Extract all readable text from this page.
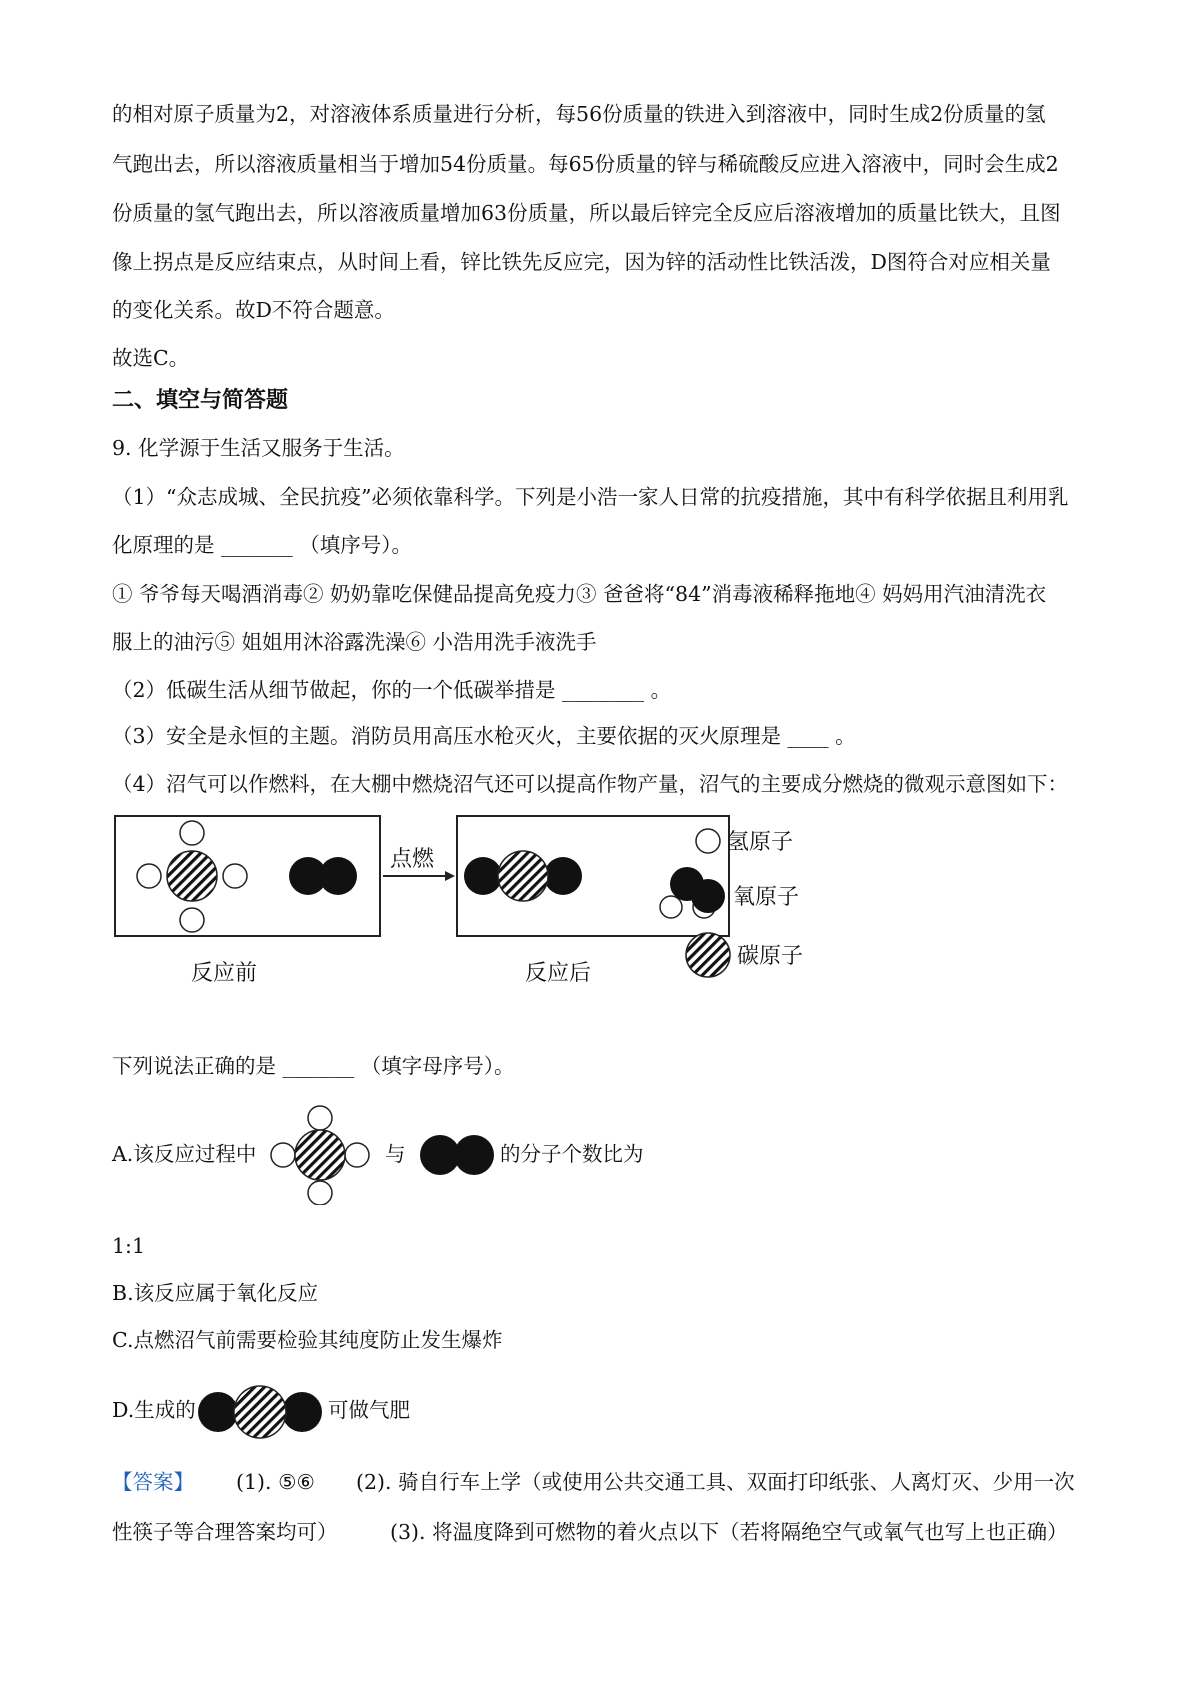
的相对原子质量为2，对溶液体系质量进行分析，每56份质量的铁进入到溶液中，同时生成2份质量的氢
气跑出去，所以溶液质量相当于增加54份质量。每65份质量的锌与稀硫酸反应进入溶液中，同时会生成2
份质量的氢气跑出去，所以溶液质量增加63份质量，所以最后锌完全反应后溶液增加的质量比铁大，且图
像上拐点是反应结束点，从时间上看，锌比铁先反应完，因为锌的活动性比铁活泼，D图符合对应相关量
的变化关系。故D不符合题意。
故选C。
二、填空与简答题
9. 化学源于生活又服务于生活。
（1）“众志成城、全民抗疫”必须依靠科学。下列是小浩一家人日常的抗疫措施，其中有科学依据且利用乳
化原理的是 _______ （填序号）。
① 爷爷每天喝酒消毒② 奶奶靠吃保健品提高免疫力③ 爸爸将“84”消毒液稀释拖地④ 妈妈用汽油清洗衣
服上的油污⑤ 姐姐用沐浴露洗澡⑥ 小浩用洗手液洗手
（2）低碳生活从细节做起，你的一个低碳举措是 ________ 。
（3）安全是永恒的主题。消防员用高压水枪灭火，主要依据的灭火原理是 ____ 。
（4）沼气可以作燃料，在大棚中燃烧沼气还可以提高作物产量，沼气的主要成分燃烧的微观示意图如下：
点燃
反应前	反应后
氢原子
氧原子
碳原子
下列说法正确的是 _______ （填字母序号）。
A.该反应过程中	与	的分子个数比为
1:1
B.该反应属于氧化反应
C.点燃沼气前需要检验其纯度防止发生爆炸
D.生成的	可做气肥
【答案】 (1). ⑤⑥ (2). 骑自行车上学（或使用公共交通工具、双面打印纸张、人离灯灭、少用一次
性筷子等合理答案均可）	(3). 将温度降到可燃物的着火点以下（若将隔绝空气或氧气也写上也正确）
